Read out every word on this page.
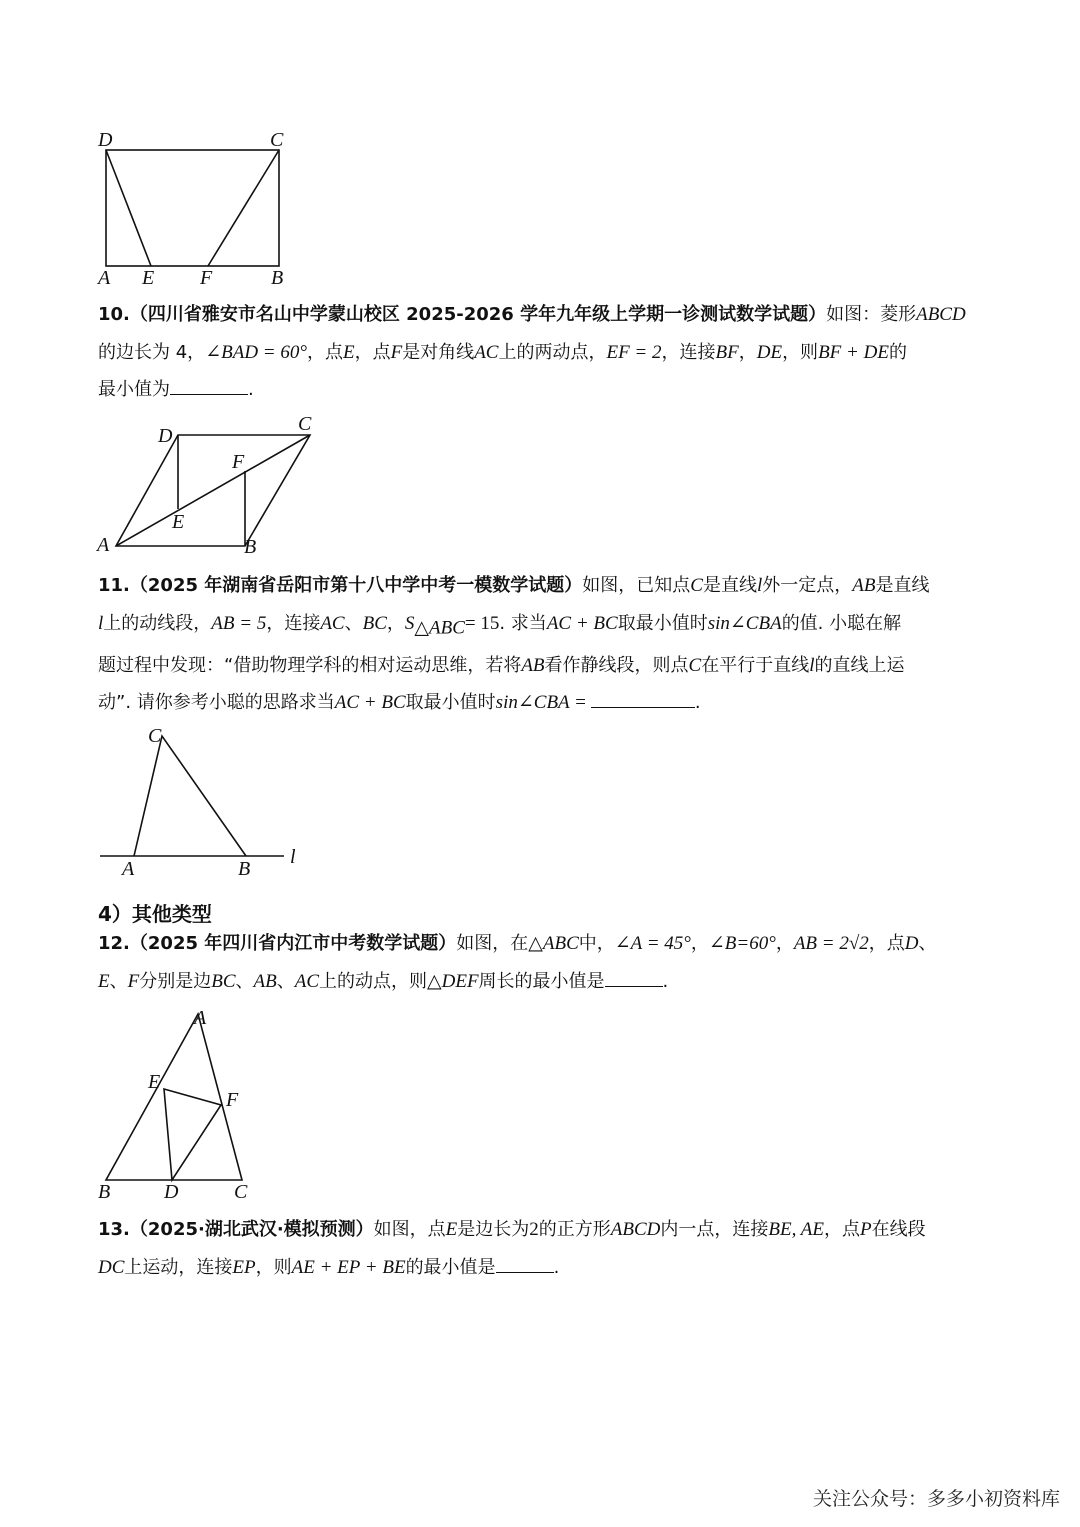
D	C
A E F	B
10.（四川省雅安市名山中学蒙山校区 2025-2026 学年九年级上学期一诊测试数学试题）如图：菱形ABCD
的边长为 4，∠BAD = 60°，点E，点F是对角线AC上的两动点，EF = 2，连接BF，DE，则BF + DE的
最小值为	.
D
C
F
E
A	B
11.（2025 年湖南省岳阳市第十八中学中考一模数学试题）如图，已知点C是直线l外一定点，AB是直线
l上的动线段，AB = 5，连接AC、BC，$S_{\triangle ABC}= 15$. 求当AC + BC取最小值时sin∠CBA的值. 小聪在解
题过程中发现：“借助物理学科的相对运动思维，若将AB看作静线段，则点C在平行于直线l的直线上运
动”. 请你参考小聪的思路求当AC + BC取最小值时sin∠CBA =	.
C
A	B
l
4）其他类型
12.（2025 年四川省内江市中考数学试题）如图，在△ABC中，∠A = 45°，∠B=60°，AB = 2√2，点D、
E、F分别是边BC、AB、AC上的动点，则△DEF周长的最小值是	.
A
E
F
B	D	C
13.（2025·湖北武汉·模拟预测）如图，点E是边长为2的正方形ABCD内一点，连接BE, AE，点P在线段
DC上运动，连接EP，则AE + EP + BE的最小值是	.
关注公众号：多多小初资料库
